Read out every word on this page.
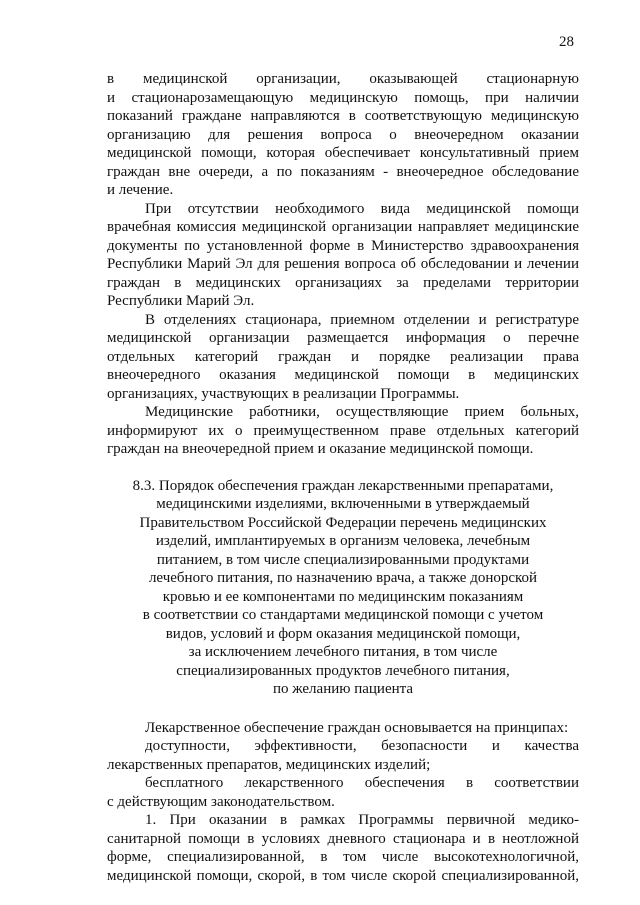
28

в медицинской организации, оказывающей стационарную

и стационарозамещающую медицинскую помощь, при наличии

показаний граждане направляются в соответствующую медицинскую

организацию для решения вопроса о внеочередном оказании

медицинской помощи, которая обеспечивает консультативный прием

граждан вне очереди, а по показаниям - внеочередное обследование

и лечение.

При отсутствии необходимого вида медицинской помощи

врачебная комиссия медицинской организации направляет медицинские

документы по установленной форме в Министерство здравоохранения

Республики Марий Эл для решения вопроса об обследовании и лечении

граждан в медицинских организациях за пределами территории

Республики Марий Эл.

В отделениях стационара, приемном отделении и регистратуре

медицинской организации размещается информация о перечне

отдельных категорий граждан и порядке реализации права

внеочередного оказания медицинской помощи в медицинских

организациях, участвующих в реализации Программы.

Медицинские работники, осуществляющие прием больных,

информируют их о преимущественном праве отдельных категорий

граждан на внеочередной прием и оказание медицинской помощи.

8.3. Порядок обеспечения граждан лекарственными препаратами,
медицинскими изделиями, включенными в утверждаемый
Правительством Российской Федерации перечень медицинских
изделий, имплантируемых в организм человека, лечебным
питанием, в том числе специализированными продуктами
лечебного питания, по назначению врача, а также донорской
кровью и ее компонентами по медицинским показаниям
в соответствии со стандартами медицинской помощи с учетом
видов, условий и форм оказания медицинской помощи,
за исключением лечебного питания, в том числе
специализированных продуктов лечебного питания,
по желанию пациента

Лекарственное обеспечение граждан основывается на принципах:

доступности, эффективности, безопасности и качества

лекарственных препаратов, медицинских изделий;

бесплатного лекарственного обеспечения в соответствии

с действующим законодательством.

1. При оказании в рамках Программы первичной медико-

санитарной помощи в условиях дневного стационара и в неотложной

форме, специализированной, в том числе высокотехнологичной,

медицинской помощи, скорой, в том числе скорой специализированной,
